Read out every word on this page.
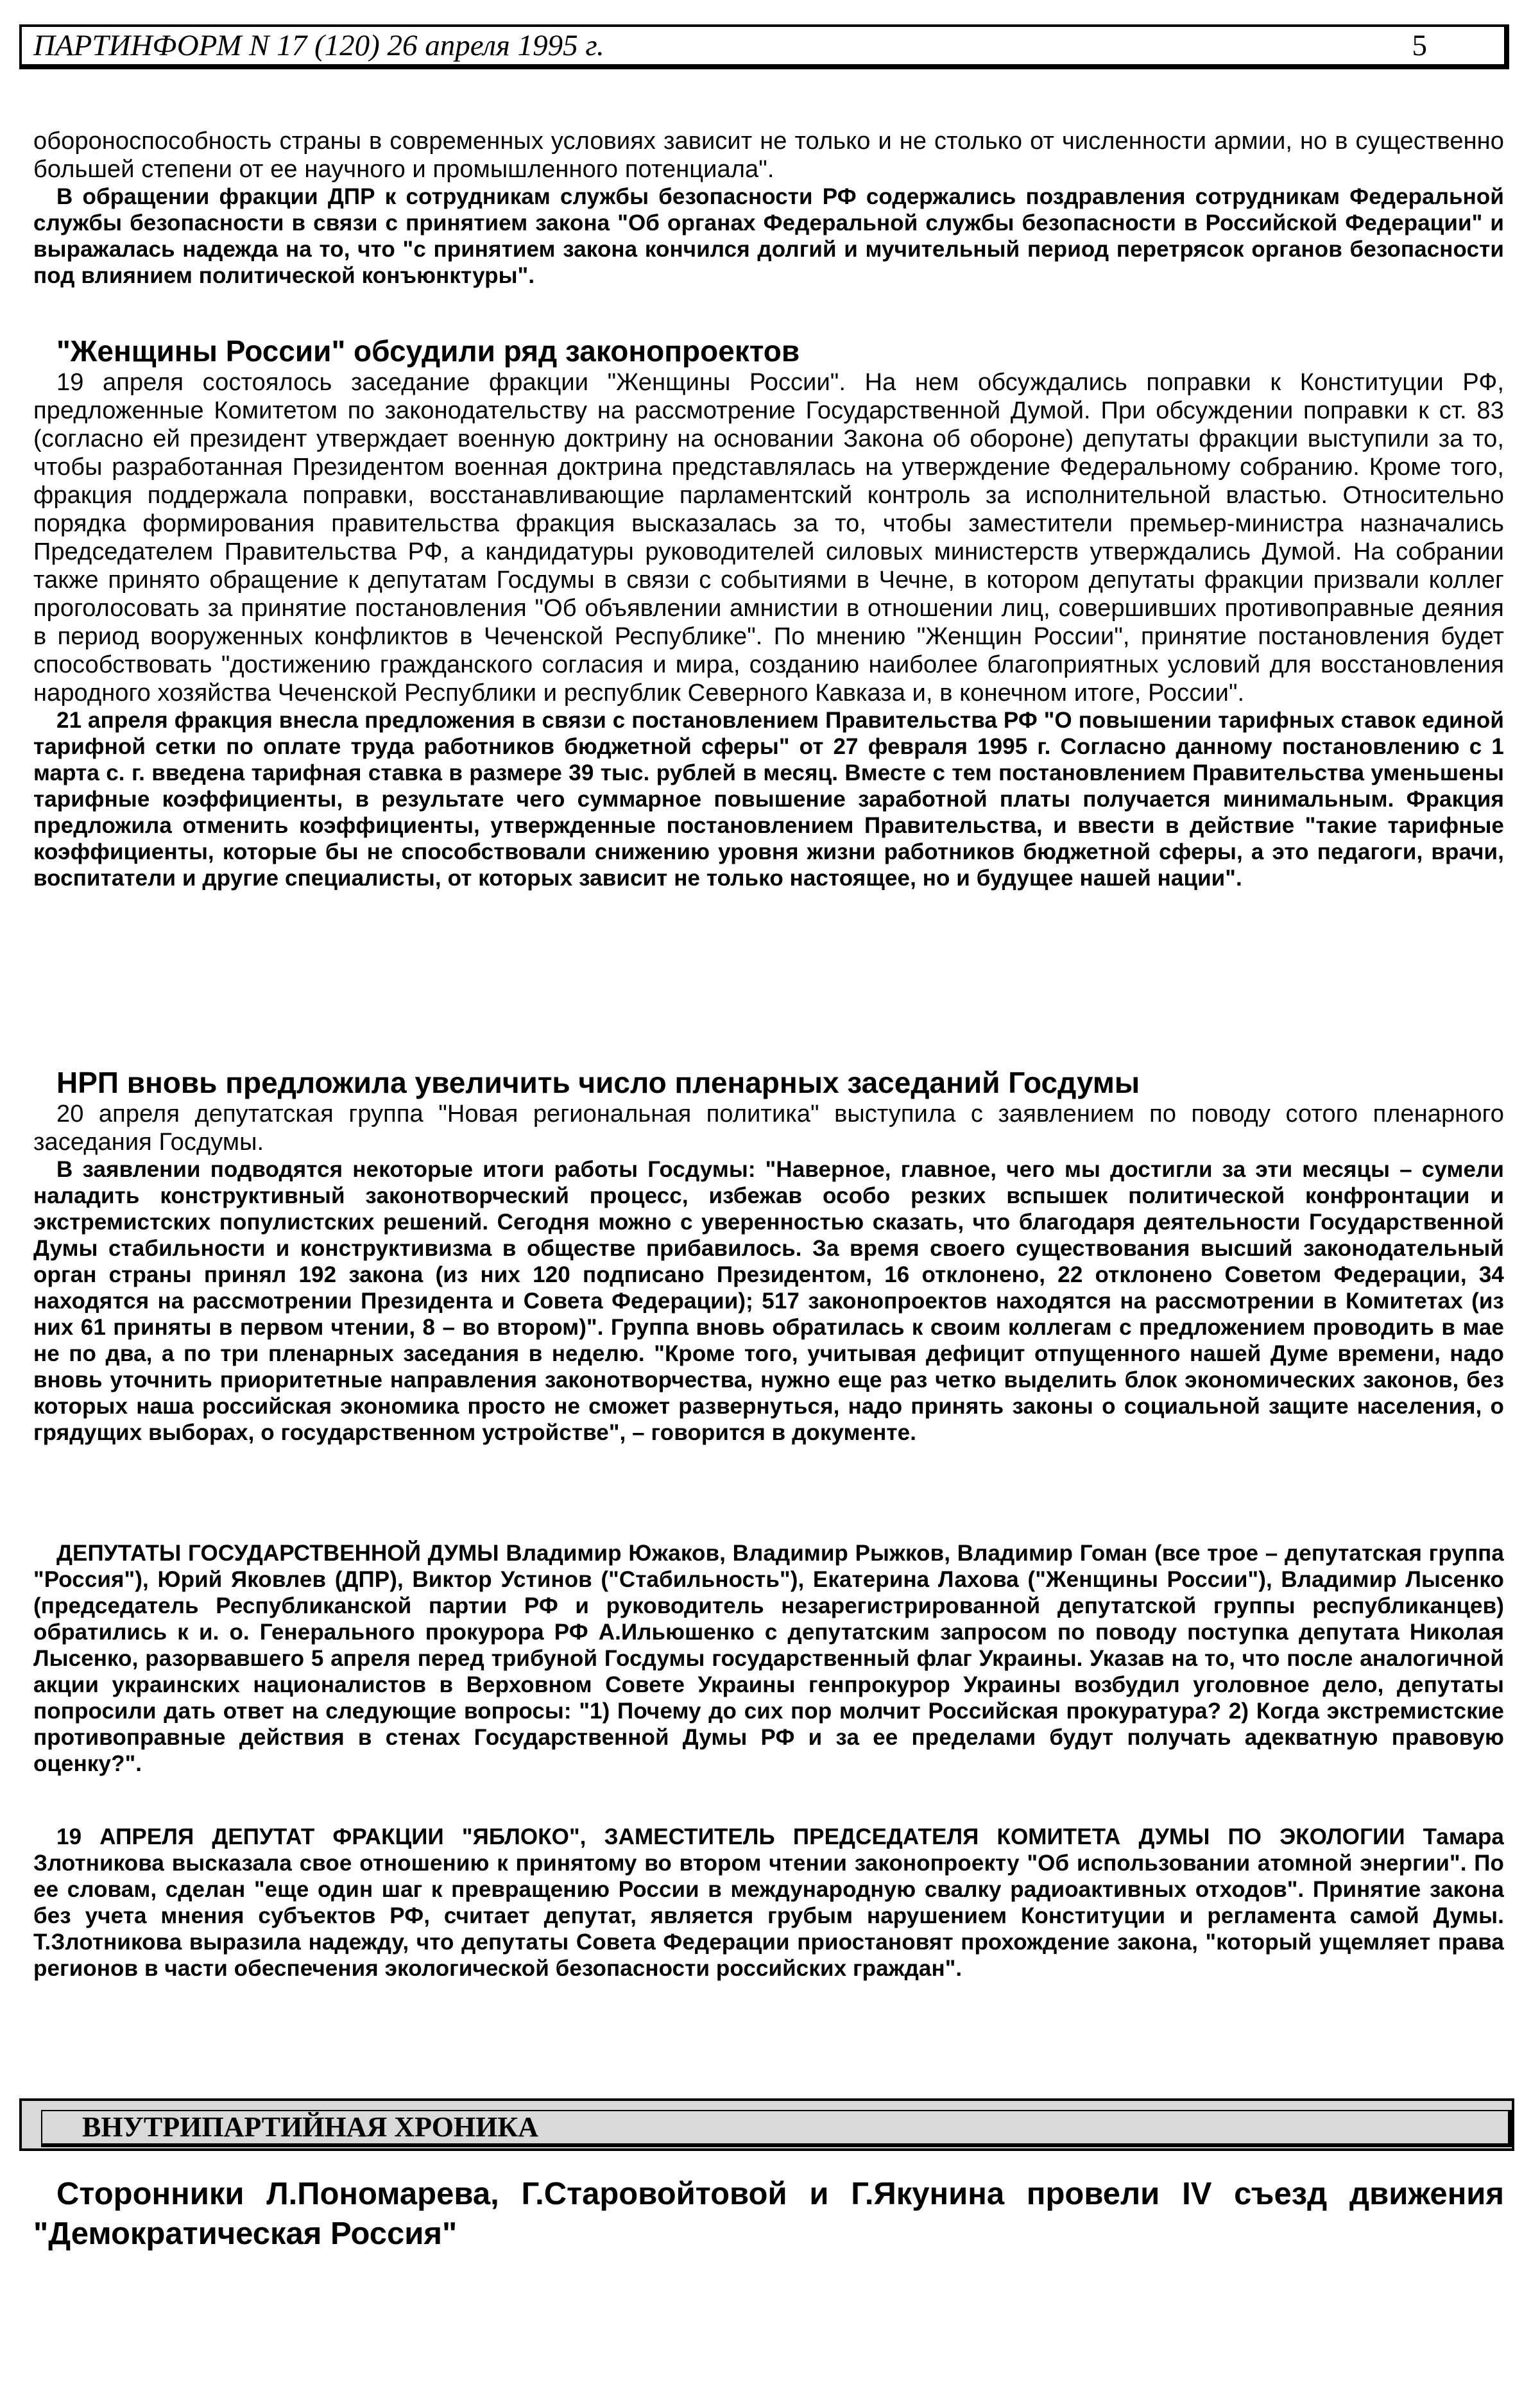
ПАРТИНФОРМ N 17 (120) 26 апреля 1995 г.	5

обороноспособность страны в современных условиях зависит не только и не столько от численности армии, но в существенно большей степени от ее научного и промышленного потенциала".

В обращении фракции ДПР к сотрудникам службы безопасности РФ содержались поздравления сотрудникам Федеральной службы безопасности в связи с принятием закона "Об органах Федеральной службы безопасности в Российской Федерации" и выражалась надежда на то, что "с принятием закона кончился долгий и мучительный период перетрясок органов безопасности под влиянием политической конъюнктуры".

"Женщины России" обсудили ряд законопроектов

19 апреля состоялось заседание фракции "Женщины России". На нем обсуждались поправки к Конституции РФ, предложенные Комитетом по законодательству на рассмотрение Государственной Думой. При обсуждении поправки к ст. 83 (согласно ей президент утверждает военную доктрину на основании Закона об обороне) депутаты фракции выступили за то, чтобы разработанная Президентом военная доктрина представлялась на утверждение Федеральному собранию. Кроме того, фракция поддержала поправки, восстанавливающие парламентский контроль за исполнительной властью. Относительно порядка формирования правительства фракция высказалась за то, чтобы заместители премьер-министра назначались Председателем Правительства РФ, а кандидатуры руководителей силовых министерств утверждались Думой. На собрании также принято обращение к депутатам Госдумы в связи с событиями в Чечне, в котором депутаты фракции призвали коллег проголосовать за принятие постановления "Об объявлении амнистии в отношении лиц, совершивших противоправные деяния в период вооруженных конфликтов в Чеченской Республике". По мнению "Женщин России", принятие постановления будет способствовать "достижению гражданского согласия и мира, созданию наиболее благоприятных условий для восстановления народного хозяйства Чеченской Республики и республик Северного Кавказа и, в конечном итоге, России".

21 апреля фракция внесла предложения в связи с постановлением Правительства РФ "О повышении тарифных ставок единой тарифной сетки по оплате труда работников бюджетной сферы" от 27 февраля 1995 г. Согласно данному постановлению с 1 марта с. г. введена тарифная ставка в размере 39 тыс. рублей в месяц. Вместе с тем постановлением Правительства уменьшены тарифные коэффициенты, в результате чего суммарное повышение заработной платы получается минимальным. Фракция предложила отменить коэффициенты, утвержденные постановлением Правительства, и ввести в действие "такие тарифные коэффициенты, которые бы не способствовали снижению уровня жизни работников бюджетной сферы, а это педагоги, врачи, воспитатели и другие специалисты, от которых зависит не только настоящее, но и будущее нашей нации".

НРП вновь предложила увеличить число пленарных заседаний Госдумы

20 апреля депутатская группа "Новая региональная политика" выступила с заявлением по поводу сотого пленарного заседания Госдумы.

В заявлении подводятся некоторые итоги работы Госдумы: "Наверное, главное, чего мы достигли за эти месяцы – сумели наладить конструктивный законотворческий процесс, избежав особо резких вспышек политической конфронтации и экстремистских популистских решений. Сегодня можно с уверенностью сказать, что благодаря деятельности Государственной Думы стабильности и конструктивизма в обществе прибавилось. За время своего существования высший законодательный орган страны принял 192 закона (из них 120 подписано Президентом, 16 отклонено, 22 отклонено Советом Федерации, 34 находятся на рассмотрении Президента и Совета Федерации); 517 законопроектов находятся на рассмотрении в Комитетах (из них 61 приняты в первом чтении, 8 – во втором)". Группа вновь обратилась к своим коллегам с предложением проводить в мае не по два, а по три пленарных заседания в неделю. "Кроме того, учитывая дефицит отпущенного нашей Думе времени, надо вновь уточнить приоритетные направления законотворчества, нужно еще раз четко выделить блок экономических законов, без которых наша российская экономика просто не сможет развернуться, надо принять законы о социальной защите населения, о грядущих выборах, о государственном устройстве", – говорится в документе.

ДЕПУТАТЫ ГОСУДАРСТВЕННОЙ ДУМЫ Владимир Южаков, Владимир Рыжков, Владимир Гоман (все трое – депутатская группа "Россия"), Юрий Яковлев (ДПР), Виктор Устинов ("Стабильность"), Екатерина Лахова ("Женщины России"), Владимир Лысенко (председатель Республиканской партии РФ и руководитель незарегистрированной депутатской группы республиканцев) обратились к и. о. Генерального прокурора РФ А.Ильюшенко с депутатским запросом по поводу поступка депутата Николая Лысенко, разорвавшего 5 апреля перед трибуной Госдумы государственный флаг Украины. Указав на то, что после аналогичной акции украинских националистов в Верховном Совете Украины генпрокурор Украины возбудил уголовное дело, депутаты попросили дать ответ на следующие вопросы: "1) Почему до сих пор молчит Российская прокуратура? 2) Когда экстремистские противоправные действия в стенах Государственной Думы РФ и за ее пределами будут получать адекватную правовую оценку?".

19 АПРЕЛЯ ДЕПУТАТ ФРАКЦИИ "ЯБЛОКО", ЗАМЕСТИТЕЛЬ ПРЕДСЕДАТЕЛЯ КОМИТЕТА ДУМЫ ПО ЭКОЛОГИИ Тамара Злотникова высказала свое отношению к принятому во втором чтении законопроекту "Об использовании атомной энергии". По ее словам, сделан "еще один шаг к превращению России в международную свалку радиоактивных отходов". Принятие закона без учета мнения субъектов РФ, считает депутат, является грубым нарушением Конституции и регламента самой Думы. Т.Злотникова выразила надежду, что депутаты Совета Федерации приостановят прохождение закона, "который ущемляет права регионов в части обеспечения экологической безопасности российских граждан".

ВНУТРИПАРТИЙНАЯ ХРОНИКА
Сторонники Л.Пономарева, Г.Старовойтовой и Г.Якунина провели IV съезд движения "Демократическая Россия"
